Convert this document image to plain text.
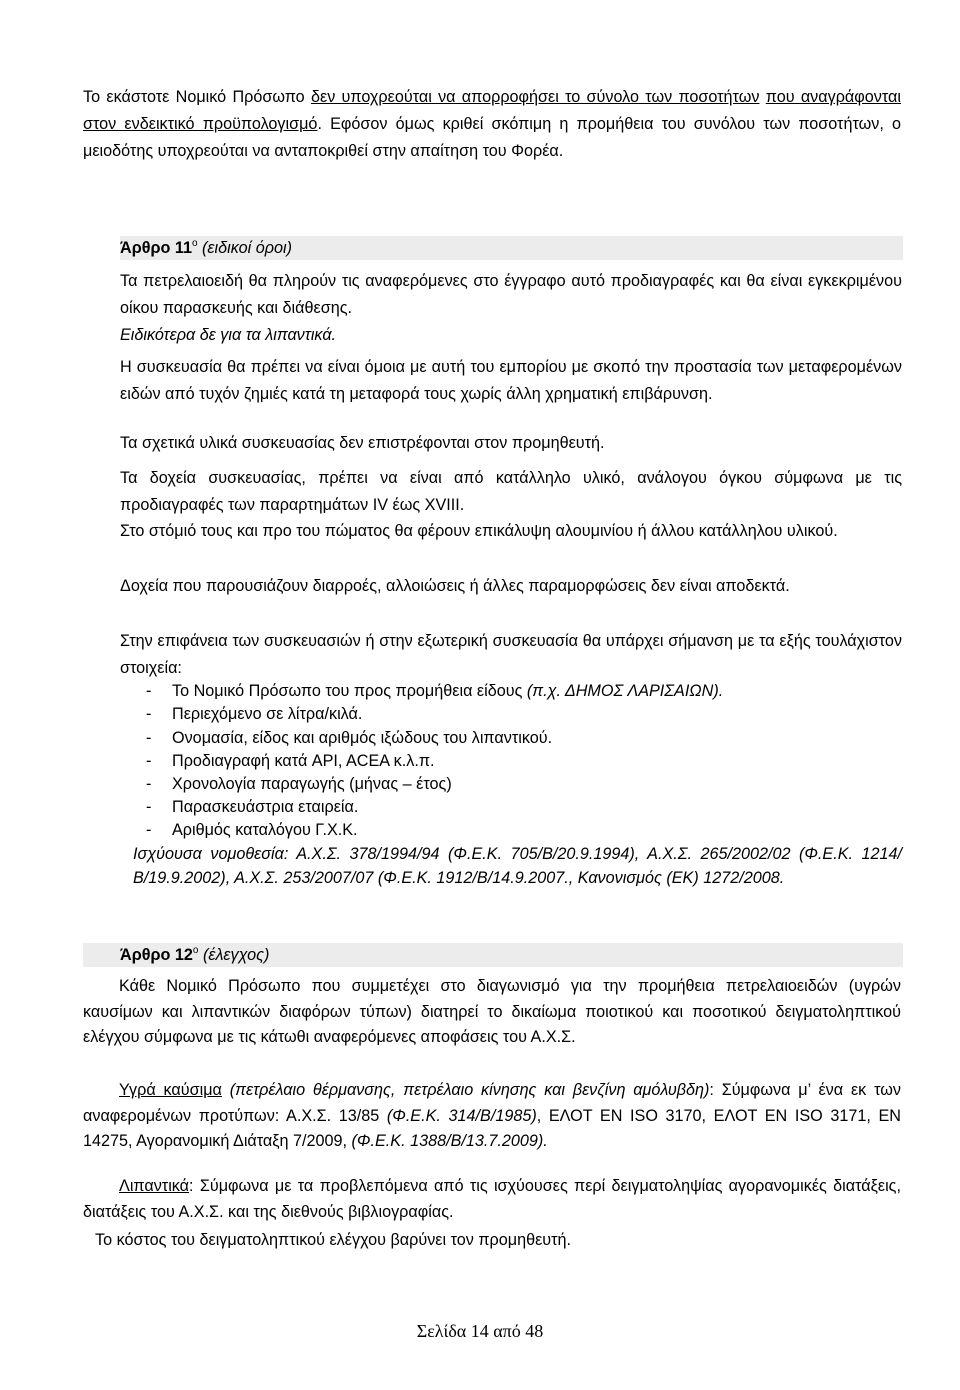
Το εκάστοτε Νομικό Πρόσωπο δεν υποχρεούται να απορροφήσει το σύνολο των ποσοτήτων που αναγράφονται στον ενδεικτικό προϋπολογισμό. Εφόσον όμως κριθεί σκόπιμη η προμήθεια του συνόλου των ποσοτήτων, ο μειοδότης υποχρεούται να ανταποκριθεί στην απαίτηση του Φορέα.
Άρθρο $11^o$ (ειδικοί όροι)
Τα πετρελαιοειδή θα πληρούν τις αναφερόμενες στο έγγραφο αυτό προδιαγραφές και θα είναι εγκεκριμένου οίκου παρασκευής και διάθεσης.
Ειδικότερα δε για τα λιπαντικά.
Η συσκευασία θα πρέπει να είναι όμοια με αυτή του εμπορίου με σκοπό την προστασία των μεταφερομένων ειδών από τυχόν ζημιές κατά τη μεταφορά τους χωρίς άλλη χρηματική επιβάρυνση.
Τα σχετικά υλικά συσκευασίας δεν επιστρέφονται στον προμηθευτή.
Τα δοχεία συσκευασίας, πρέπει να είναι από κατάλληλο υλικό, ανάλογου όγκου σύμφωνα με τις προδιαγραφές των παραρτημάτων IV έως XVIII.
Στο στόμιό τους και προ του πώματος θα φέρουν επικάλυψη αλουμινίου ή άλλου κατάλληλου υλικού.
Δοχεία που παρουσιάζουν διαρροές, αλλοιώσεις ή άλλες παραμορφώσεις δεν είναι αποδεκτά.
Στην επιφάνεια των συσκευασιών ή στην εξωτερική συσκευασία θα υπάρχει σήμανση με τα εξής τουλάχιστον στοιχεία:
- Το Νομικό Πρόσωπο του προς προμήθεια είδους (π.χ. ΔΗΜΟΣ ΛΑΡΙΣΑΙΩΝ).
- Περιεχόμενο σε λίτρα/κιλά.
- Ονομασία, είδος και αριθμός ιξώδους του λιπαντικού.
- Προδιαγραφή κατά API, ACEA κ.λ.π.
- Χρονολογία παραγωγής (μήνας – έτος)
- Παρασκευάστρια εταιρεία.
- Αριθμός καταλόγου Γ.Χ.Κ.
Ισχύουσα νομοθεσία: Α.Χ.Σ. 378/1994/94 (Φ.Ε.Κ. 705/Β/20.9.1994), Α.Χ.Σ. 265/2002/02 (Φ.Ε.Κ. 1214/Β/19.9.2002), Α.Χ.Σ. 253/2007/07 (Φ.Ε.Κ. 1912/Β/14.9.2007., Κανονισμός (ΕΚ) 1272/2008.
Άρθρο $12^o$ (έλεγχος)
Κάθε Νομικό Πρόσωπο που συμμετέχει στο διαγωνισμό για την προμήθεια πετρελαιοειδών (υγρών καυσίμων και λιπαντικών διαφόρων τύπων) διατηρεί το δικαίωμα ποιοτικού και ποσοτικού δειγματοληπτικού ελέγχου σύμφωνα με τις κάτωθι αναφερόμενες αποφάσεις του Α.Χ.Σ.
Υγρά καύσιμα (πετρέλαιο θέρμανσης, πετρέλαιο κίνησης και βενζίνη αμόλυβδη): Σύμφωνα μ’ ένα εκ των αναφερομένων προτύπων: Α.Χ.Σ. 13/85 (Φ.Ε.Κ. 314/Β/1985), ΕΛΟΤ ΕΝ ISO 3170, ΕΛΟΤ ΕΝ ISO 3171, ΕΝ 14275, Αγορανομική Διάταξη 7/2009, (Φ.Ε.Κ. 1388/Β/13.7.2009).
Λιπαντικά: Σύμφωνα με τα προβλεπόμενα από τις ισχύουσες περί δειγματοληψίας αγορανομικές διατάξεις, διατάξεις του Α.Χ.Σ. και της διεθνούς βιβλιογραφίας.
Το κόστος του δειγματοληπτικού ελέγχου βαρύνει τον προμηθευτή.
Σελίδα 14 από 48
